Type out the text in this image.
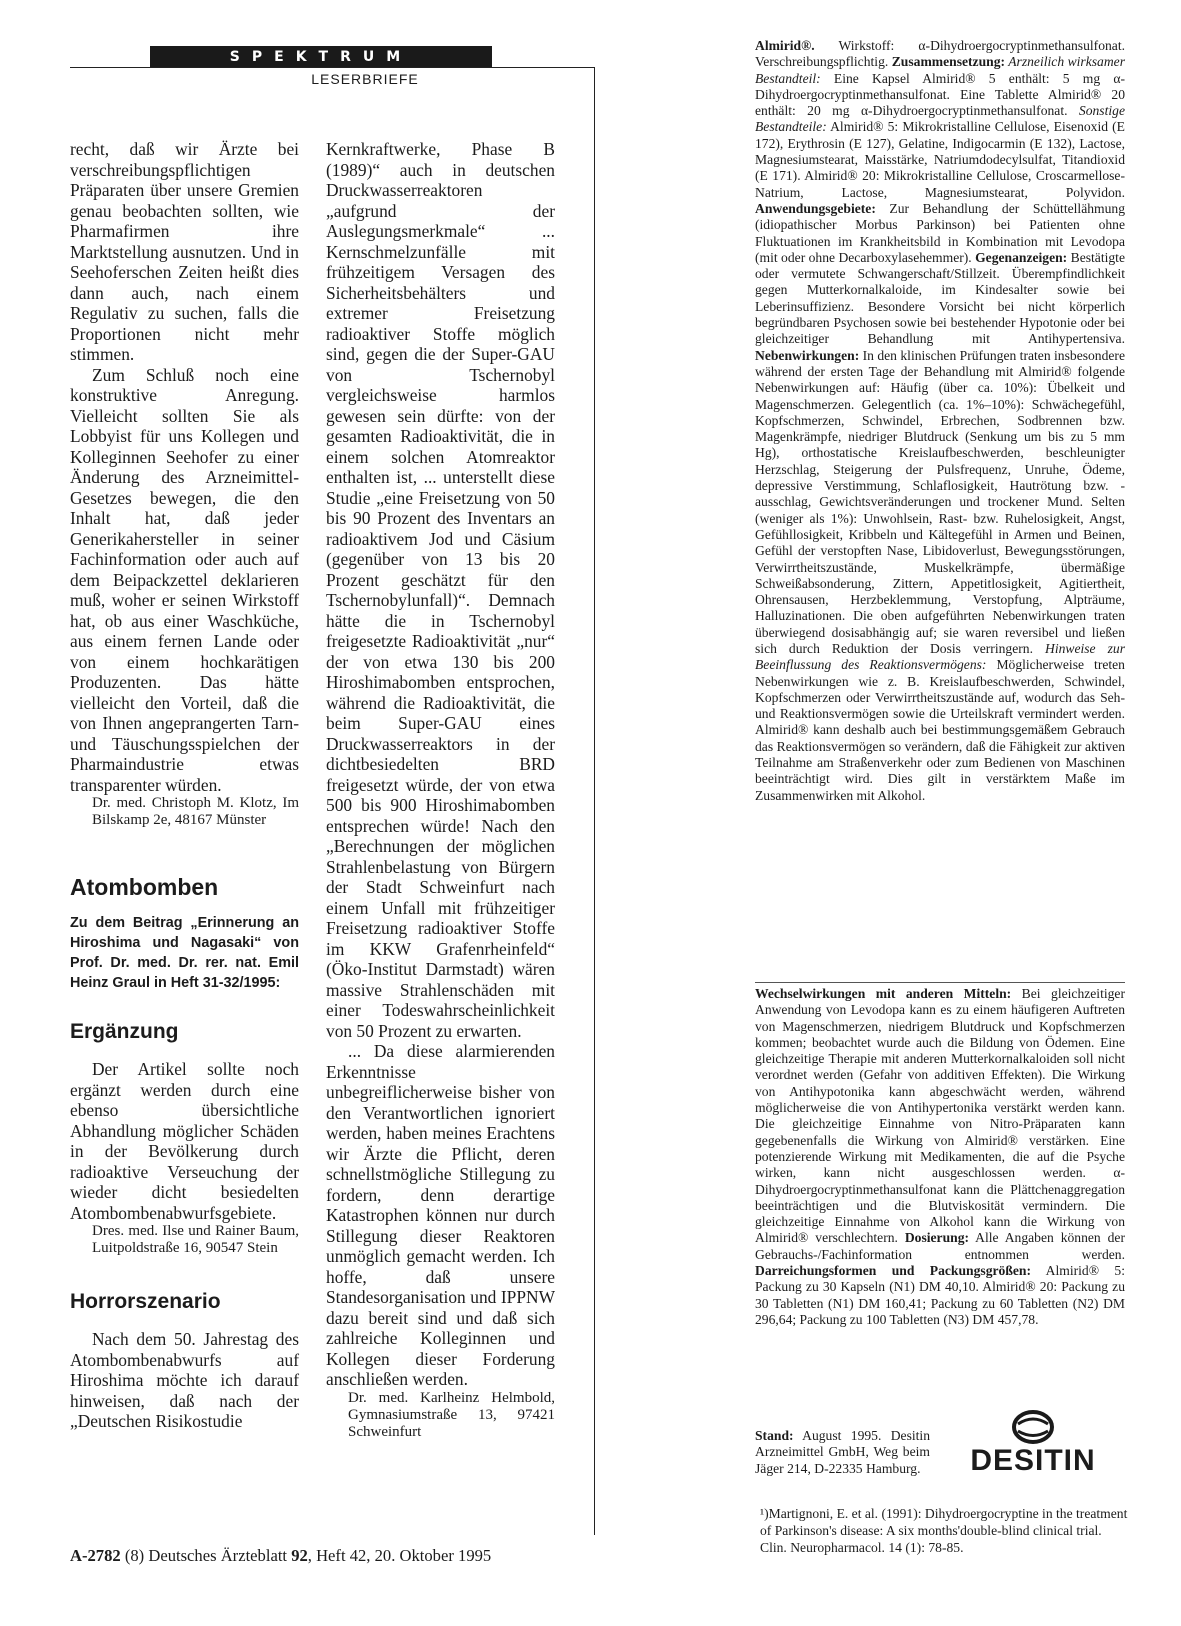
SPEKTRUM
LESERBRIEFE

recht, daß wir Ärzte bei verschreibungspflichtigen Präparaten über unsere Gremien genau beobachten sollten, wie Pharmafirmen ihre Marktstellung ausnutzen. Und in Seehoferschen Zeiten heißt dies dann auch, nach einem Regulativ zu suchen, falls die Proportionen nicht mehr stimmen.

Zum Schluß noch eine konstruktive Anregung. Vielleicht sollten Sie als Lobbyist für uns Kollegen und Kolleginnen Seehofer zu einer Änderung des Arzneimittel-Gesetzes bewegen, die den Inhalt hat, daß jeder Generikahersteller in seiner Fachinformation oder auch auf dem Beipackzettel deklarieren muß, woher er seinen Wirkstoff hat, ob aus einer Waschküche, aus einem fernen Lande oder von einem hochkarätigen Produzenten. Das hätte vielleicht den Vorteil, daß die von Ihnen angeprangerten Tarn- und Täuschungsspielchen der Pharmaindustrie etwas transparenter würden.

Dr. med. Christoph M. Klotz, Im Bilskamp 2e, 48167 Münster

Atombomben
Zu dem Beitrag „Erinnerung an Hiroshima und Nagasaki“ von Prof. Dr. med. Dr. rer. nat. Emil Heinz Graul in Heft 31-32/1995:
Ergänzung

Der Artikel sollte noch ergänzt werden durch eine ebenso übersichtliche Abhandlung möglicher Schäden in der Bevölkerung durch radioaktive Verseuchung der wieder dicht besiedelten Atombombenabwurfsgebiete.

Dres. med. Ilse und Rainer Baum, Luitpoldstraße 16, 90547 Stein

Horrorszenario

Nach dem 50. Jahrestag des Atombombenabwurfs auf Hiroshima möchte ich darauf hinweisen, daß nach der „Deutschen Risikostudie

Kernkraftwerke, Phase B (1989)“ auch in deutschen Druckwasserreaktoren „aufgrund der Auslegungsmerkmale“ ... Kernschmelzunfälle mit frühzeitigem Versagen des Sicherheitsbehälters und extremer Freisetzung radioaktiver Stoffe möglich sind, gegen die der Super-GAU von Tschernobyl vergleichsweise harmlos gewesen sein dürfte: von der gesamten Radioaktivität, die in einem solchen Atomreaktor enthalten ist, ... unterstellt diese Studie „eine Freisetzung von 50 bis 90 Prozent des Inventars an radioaktivem Jod und Cäsium (gegenüber von 13 bis 20 Prozent geschätzt für den Tschernobylunfall)“. Demnach hätte die in Tschernobyl freigesetzte Radioaktivität „nur“ der von etwa 130 bis 200 Hiroshimabomben entsprochen, während die Radioaktivität, die beim Super-GAU eines Druckwasserreaktors in der dichtbesiedelten BRD freigesetzt würde, der von etwa 500 bis 900 Hiroshimabomben entsprechen würde! Nach den „Berechnungen der möglichen Strahlenbelastung von Bürgern der Stadt Schweinfurt nach einem Unfall mit frühzeitiger Freisetzung radioaktiver Stoffe im KKW Grafenrheinfeld“ (Öko-Institut Darmstadt) wären massive Strahlenschäden mit einer Todeswahrscheinlichkeit von 50 Prozent zu erwarten.

... Da diese alarmierenden Erkenntnisse unbegreiflicherweise bisher von den Verantwortlichen ignoriert werden, haben meines Erachtens wir Ärzte die Pflicht, deren schnellstmögliche Stillegung zu fordern, denn derartige Katastrophen können nur durch Stillegung dieser Reaktoren unmöglich gemacht werden. Ich hoffe, daß unsere Standesorganisation und IPPNW dazu bereit sind und daß sich zahlreiche Kolleginnen und Kollegen dieser Forderung anschließen werden.

Dr. med. Karlheinz Helmbold, Gymnasiumstraße 13, 97421 Schweinfurt

Almirid®. Wirkstoff: α-Dihydroergocryptinmethansulfonat. Verschreibungspflichtig. Zusammensetzung: Arzneilich wirksamer Bestandteil: Eine Kapsel Almirid® 5 enthält: 5 mg α-Dihydroergocryptinmethansulfonat. Eine Tablette Almirid® 20 enthält: 20 mg α-Dihydroergocryptinmethansulfonat. Sonstige Bestandteile: Almirid® 5: Mikrokristalline Cellulose, Eisenoxid (E 172), Erythrosin (E 127), Gelatine, Indigocarmin (E 132), Lactose, Magnesiumstearat, Maisstärke, Natriumdodecylsulfat, Titandioxid (E 171). Almirid® 20: Mikrokristalline Cellulose, Croscarmellose-Natrium, Lactose, Magnesiumstearat, Polyvidon. Anwendungsgebiete: Zur Behandlung der Schüttellähmung (idiopathischer Morbus Parkinson) bei Patienten ohne Fluktuationen im Krankheitsbild in Kombination mit Levodopa (mit oder ohne Decarboxylasehemmer). Gegenanzeigen: Bestätigte oder vermutete Schwangerschaft/Stillzeit. Überempfindlichkeit gegen Mutterkornalkaloide, im Kindesalter sowie bei Leberinsuffizienz. Besondere Vorsicht bei nicht körperlich begründbaren Psychosen sowie bei bestehender Hypotonie oder bei gleichzeitiger Behandlung mit Antihypertensiva. Nebenwirkungen: In den klinischen Prüfungen traten insbesondere während der ersten Tage der Behandlung mit Almirid® folgende Nebenwirkungen auf: Häufig (über ca. 10%): Übelkeit und Magenschmerzen. Gelegentlich (ca. 1%–10%): Schwächegefühl, Kopfschmerzen, Schwindel, Erbrechen, Sodbrennen bzw. Magenkrämpfe, niedriger Blutdruck (Senkung um bis zu 5 mm Hg), orthostatische Kreislaufbeschwerden, beschleunigter Herzschlag, Steigerung der Pulsfrequenz, Unruhe, Ödeme, depressive Verstimmung, Schlaflosigkeit, Hautrötung bzw. -ausschlag, Gewichtsveränderungen und trockener Mund. Selten (weniger als 1%): Unwohlsein, Rast- bzw. Ruhelosigkeit, Angst, Gefühllosigkeit, Kribbeln und Kältegefühl in Armen und Beinen, Gefühl der verstopften Nase, Libidoverlust, Bewegungsstörungen, Verwirrtheitszustände, Muskelkrämpfe, übermäßige Schweißabsonderung, Zittern, Appetitlosigkeit, Agitiertheit, Ohrensausen, Herzbeklemmung, Verstopfung, Alpträume, Halluzinationen. Die oben aufgeführten Nebenwirkungen traten überwiegend dosisabhängig auf; sie waren reversibel und ließen sich durch Reduktion der Dosis verringern. Hinweise zur Beeinflussung des Reaktionsvermögens: Möglicherweise treten Nebenwirkungen wie z. B. Kreislaufbeschwerden, Schwindel, Kopfschmerzen oder Verwirrtheitszustände auf, wodurch das Seh- und Reaktionsvermögen sowie die Urteilskraft vermindert werden. Almirid® kann deshalb auch bei bestimmungsgemäßem Gebrauch das Reaktionsvermögen so verändern, daß die Fähigkeit zur aktiven Teilnahme am Straßenverkehr oder zum Bedienen von Maschinen beeinträchtigt wird. Dies gilt in verstärktem Maße im Zusammenwirken mit Alkohol.
Wechselwirkungen mit anderen Mitteln: Bei gleichzeitiger Anwendung von Levodopa kann es zu einem häufigeren Auftreten von Magenschmerzen, niedrigem Blutdruck und Kopfschmerzen kommen; beobachtet wurde auch die Bildung von Ödemen. Eine gleichzeitige Therapie mit anderen Mutterkornalkaloiden soll nicht verordnet werden (Gefahr von additiven Effekten). Die Wirkung von Antihypotonika kann abgeschwächt werden, während möglicherweise die von Antihypertonika verstärkt werden kann. Die gleichzeitige Einnahme von Nitro-Präparaten kann gegebenenfalls die Wirkung von Almirid® verstärken. Eine potenzierende Wirkung mit Medikamenten, die auf die Psyche wirken, kann nicht ausgeschlossen werden. α-Dihydroergocryptinmethansulfonat kann die Plättchenaggregation beeinträchtigen und die Blutviskosität vermindern. Die gleichzeitige Einnahme von Alkohol kann die Wirkung von Almirid® verschlechtern. Dosierung: Alle Angaben können der Gebrauchs-/Fachinformation entnommen werden. Darreichungsformen und Packungsgrößen: Almirid® 5: Packung zu 30 Kapseln (N1) DM 40,10. Almirid® 20: Packung zu 30 Tabletten (N1) DM 160,41; Packung zu 60 Tabletten (N2) DM 296,64; Packung zu 100 Tabletten (N3) DM 457,78.
Stand: August 1995. Desitin Arzneimittel GmbH, Weg beim Jäger 214, D-22335 Hamburg.	DESITIN
¹)Martignoni, E. et al. (1991): Dihydroergocryptine in the treatment of Parkinson's disease: A six months'double-blind clinical trial. Clin. Neuropharmacol. 14 (1): 78-85.
A-2782 (8) Deutsches Ärzteblatt 92, Heft 42, 20. Oktober 1995
